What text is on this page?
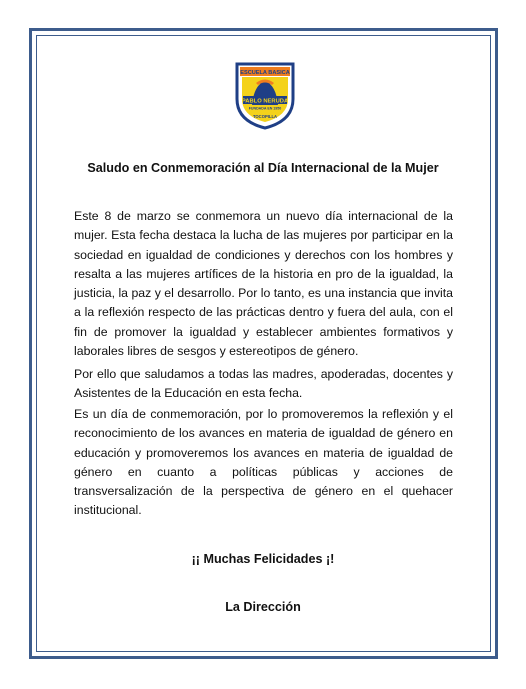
ESCUELA BASICA
PABLO NERUDA
FUNDADA EN 1950
TOCOPILLA
Saludo en Conmemoración al Día Internacional de la Mujer
Este 8 de marzo se conmemora un nuevo día internacional de la mujer. Esta fecha destaca la lucha de las mujeres por participar en la sociedad en igualdad de condiciones y derechos con los hombres y resalta a las mujeres artífices de la historia en pro de la igualdad, la justicia, la paz y el desarrollo. Por lo tanto, es una instancia que invita a la reflexión respecto de las prácticas dentro y fuera del aula, con el fin de promover la igualdad y establecer ambientes formativos y laborales libres de sesgos y estereotipos de género.
Por ello que saludamos a todas las madres, apoderadas, docentes y Asistentes de la Educación en esta fecha.
Es un día de conmemoración, por lo promoveremos la reflexión y el reconocimiento de los avances en materia de igualdad de género en educación y promoveremos los avances en materia de igualdad de género en cuanto a políticas públicas y acciones de transversalización de la perspectiva de género en el quehacer institucional.
¡¡ Muchas Felicidades ¡!
La Dirección
